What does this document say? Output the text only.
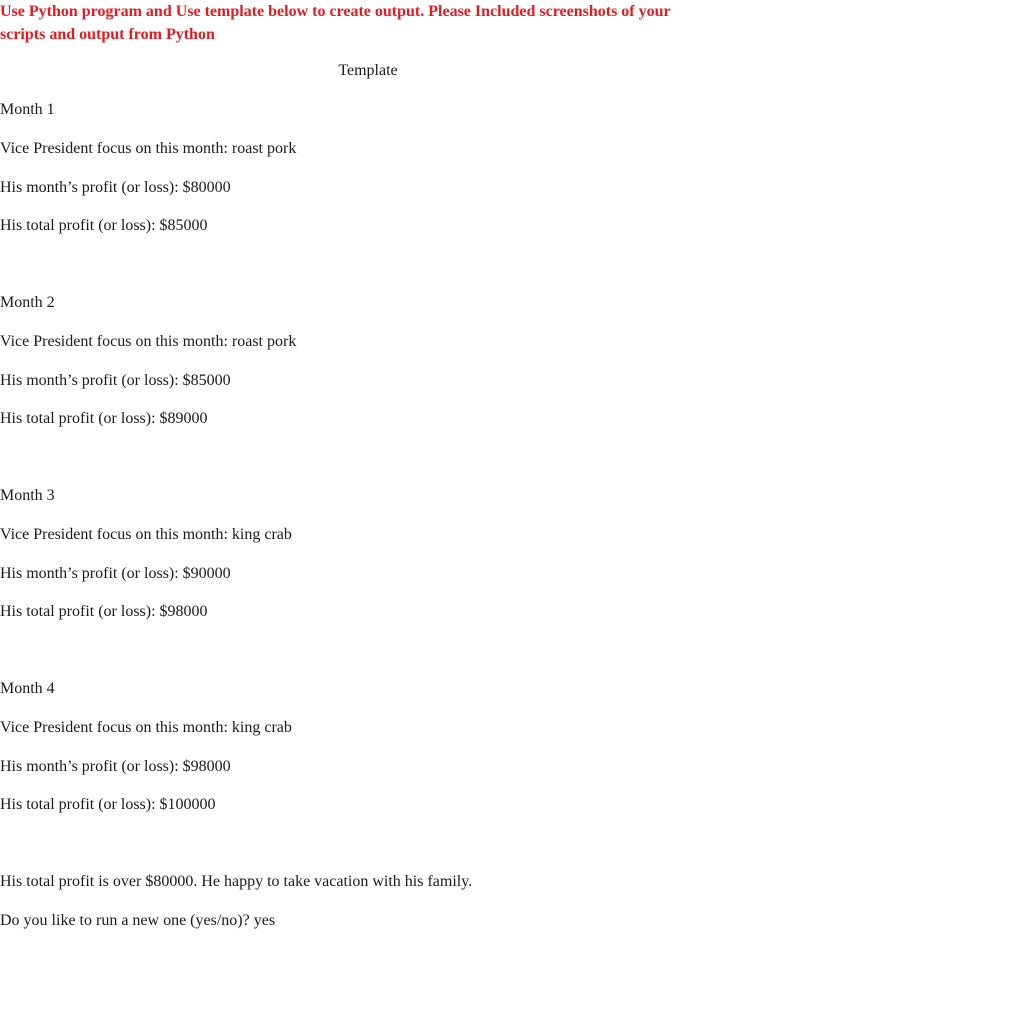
Use Python program and Use template below to create output. Please Included screenshots of your
scripts and output from Python
Template
Month 1
Vice President focus on this month: roast pork
His month’s profit (or loss): $80000
His total profit (or loss): $85000
Month 2
Vice President focus on this month: roast pork
His month’s profit (or loss): $85000
His total profit (or loss): $89000
Month 3
Vice President focus on this month: king crab
His month’s profit (or loss): $90000
His total profit (or loss): $98000
Month 4
Vice President focus on this month: king crab
His month’s profit (or loss): $98000
His total profit (or loss): $100000
His total profit is over $80000. He happy to take vacation with his family.
Do you like to run a new one (yes/no)? yes
